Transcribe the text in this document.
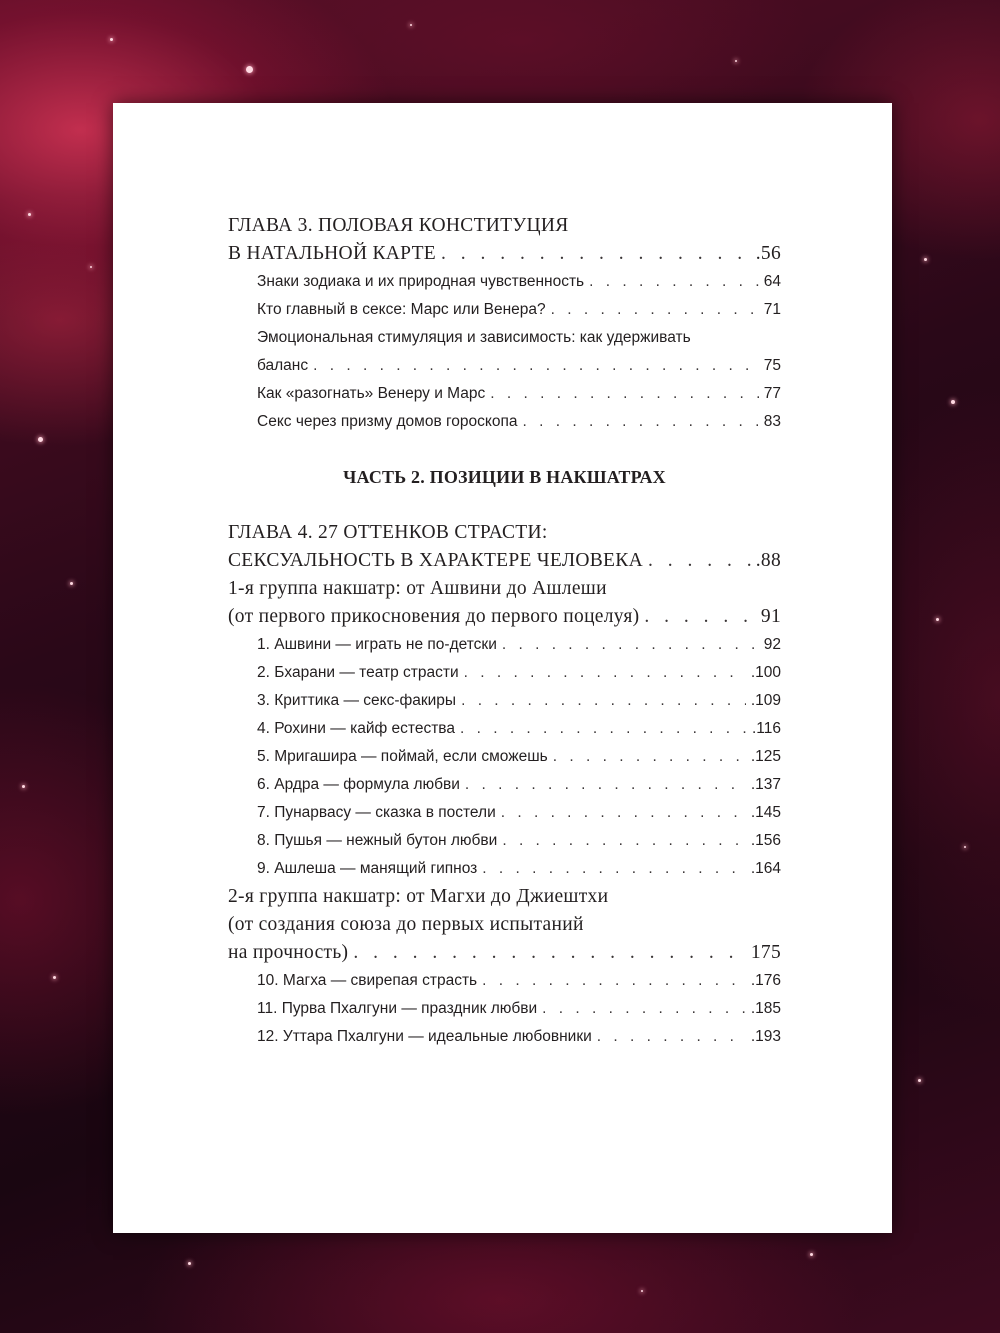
ГЛАВА 3. ПОЛОВАЯ КОНСТИТУЦИЯ
В НАТАЛЬНОЙ КАРТЕ . . .	.56
Знаки зодиака и их природная чувственность . . .	64
Кто главный в сексе: Марс или Венера? . . .	71
Эмоциональная стимуляция и зависимость: как удерживать
баланс . . .	75
Как «разогнать» Венеру и Марс . . .	77
Секс через призму домов гороскопа . . .	83
ЧАСТЬ 2. ПОЗИЦИИ В НАКШАТРАХ
ГЛАВА 4. 27 ОТТЕНКОВ СТРАСТИ:
СЕКСУАЛЬНОСТЬ В ХАРАКТЕРЕ ЧЕЛОВЕКА . . .	.88
1-я группа накшатр: от Ашвини до Ашлеши
(от первого прикосновения до первого поцелуя) . . .	91
1. Ашвини — играть не по-детски . . .	92
2. Бхарани — театр страсти . . .	.100
3. Криттика — секс-факиры . . .	.109
4. Рохини — кайф естества . . .	.116
5. Мригашира — поймай, если сможешь . . .	.125
6. Ардра — формула любви . . .	.137
7. Пунарвасу — сказка в постели . . .	.145
8. Пушья — нежный бутон любви . . .	.156
9. Ашлеша — манящий гипноз . . .	.164
2-я группа накшатр: от Магхи до Джиештхи
(от создания союза до первых испытаний
на прочность) . . .	175
10. Магха — свирепая страсть . . .	.176
11. Пурва Пхалгуни — праздник любви . . .	.185
12. Уттара Пхалгуни — идеальные любовники . . .	.193
